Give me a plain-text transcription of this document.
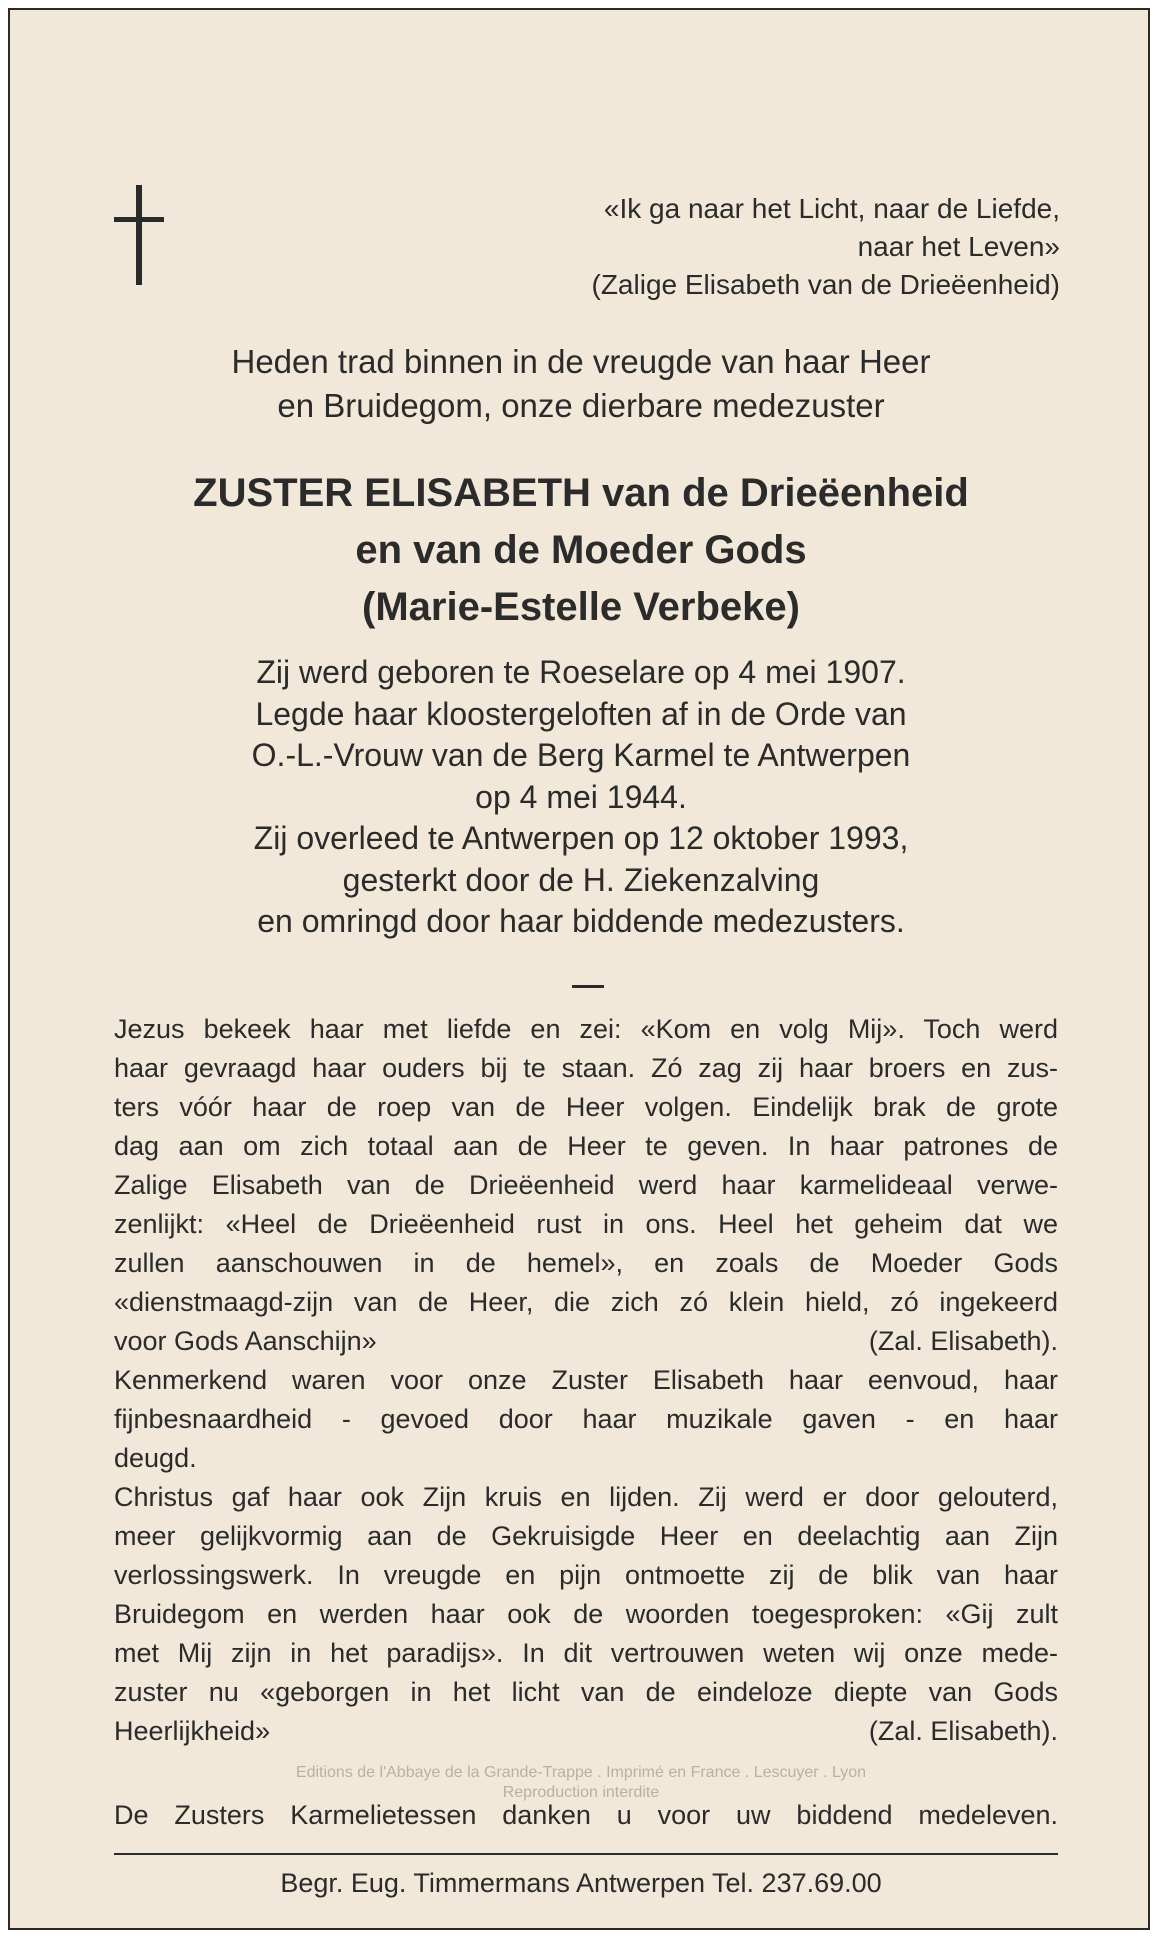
«Ik ga naar het Licht, naar de Liefde,
naar het Leven»
(Zalige Elisabeth van de Drieëenheid)
Heden trad binnen in de vreugde van haar Heer
en Bruidegom, onze dierbare medezuster
ZUSTER ELISABETH van de Drieëenheid
en van de Moeder Gods
(Marie-Estelle Verbeke)
Zij werd geboren te Roeselare op 4 mei 1907.
Legde haar kloostergeloften af in de Orde van
O.-L.-Vrouw van de Berg Karmel te Antwerpen
op 4 mei 1944.
Zij overleed te Antwerpen op 12 oktober 1993,
gesterkt door de H. Ziekenzalving
en omringd door haar biddende medezusters.
Jezus bekeek haar met liefde en zei: «Kom en volg Mij». Toch werd
haar gevraagd haar ouders bij te staan. Zó zag zij haar broers en zus-
ters vóór haar de roep van de Heer volgen. Eindelijk brak de grote
dag aan om zich totaal aan de Heer te geven. In haar patrones de
Zalige Elisabeth van de Drieëenheid werd haar karmelideaal verwe-
zenlijkt: «Heel de Drieëenheid rust in ons. Heel het geheim dat we
zullen aanschouwen in de hemel», en zoals de Moeder Gods
«dienstmaagd-zijn van de Heer, die zich zó klein hield, zó ingekeerd
voor Gods Aanschijn»	(Zal. Elisabeth).
Kenmerkend waren voor onze Zuster Elisabeth haar eenvoud, haar
fijnbesnaardheid - gevoed door haar muzikale gaven - en haar
deugd.
Christus gaf haar ook Zijn kruis en lijden. Zij werd er door gelouterd,
meer gelijkvormig aan de Gekruisigde Heer en deelachtig aan Zijn
verlossingswerk. In vreugde en pijn ontmoette zij de blik van haar
Bruidegom en werden haar ook de woorden toegesproken: «Gij zult
met Mij zijn in het paradijs». In dit vertrouwen weten wij onze mede-
zuster nu «geborgen in het licht van de eindeloze diepte van Gods
Heerlijkheid»	(Zal. Elisabeth).
Editions de l'Abbaye de la Grande-Trappe . Imprimé en France . Lescuyer . Lyon
Reproduction interdite
De Zusters Karmelietessen danken u voor uw biddend medeleven.
Begr. Eug. Timmermans Antwerpen Tel. 237.69.00
